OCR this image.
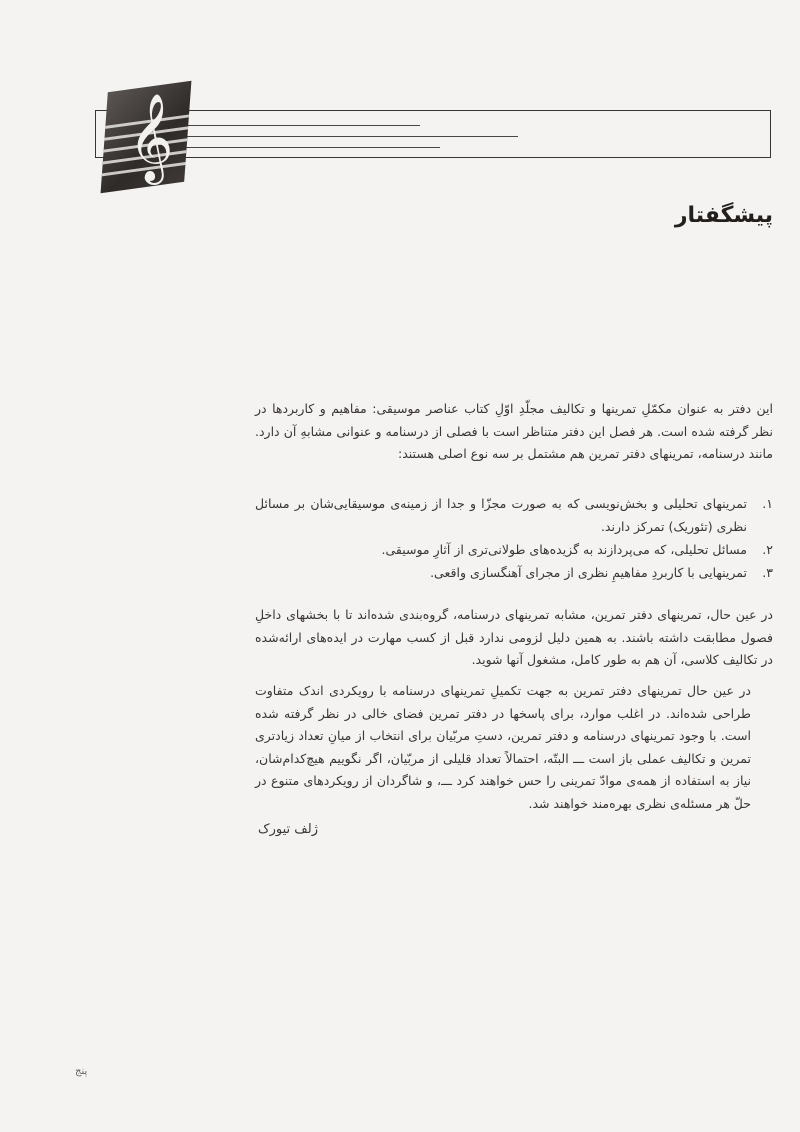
𝄞
پیشگفتار
این دفتر به عنوان مکمّلِ تمرینها و تکالیف مجلّدِ اوّلِ کتاب عناصر موسیقی: مفاهیم و کاربردها در نظر گرفته شده است. هر فصل این دفتر متناظر است با فصلی از درسنامه و عنوانی مشابهِ آن دارد. مانند درسنامه، تمرینهای دفتر تمرین هم مشتمل بر سه نوع اصلی هستند:
۱.
تمرینهای تحلیلی و بخش‌نویسی که به صورت مجزّا و جدا از زمینه‌ی موسیقایی‌شان بر مسائل نظری (تئوریک) تمرکز دارند.
۲.
مسائل تحلیلی، که می‌پردازند به گزیده‌های طولانی‌تری از آثارِ موسیقی.
۳.
تمرینهایی با کاربردِ مفاهیمِ نظری از مجرای آهنگسازی واقعی.
در عین حال، تمرینهای دفتر تمرین، مشابه تمرینهای درسنامه، گروه‌بندی شده‌اند تا با بخشهای داخلِ فصول مطابقت داشته باشند. به همین دلیل لزومی ندارد قبل از کسب مهارت در ایده‌های ارائه‌شده در تکالیف کلاسی، آن هم به طور کامل، مشغول آنها شوید.
در عین حال تمرینهای دفتر تمرین به جهت تکمیلِ تمرینهای درسنامه با رویکردی اندک متفاوت طراحی شده‌اند. در اغلب موارد، برای پاسخها در دفتر تمرین فضای خالی در نظر گرفته شده است. با وجود تمرینهای درسنامه و دفتر تمرین، دستِ مربّیان برای انتخاب از میانِ تعداد زیادتری تمرین و تکالیف عملی باز است ـــ البتّه، احتمالاً تعداد قلیلی از مربّیان، اگر نگوییم هیچ‌کدام‌شان، نیاز به استفاده از همه‌ی موادّ تمرینی را حس خواهند کرد ـــ، و شاگردان از رویکردهای متنوع در حلّ هر مسئله‌ی نظری بهره‌مند خواهند شد.
ژلف تیورک
پنج
